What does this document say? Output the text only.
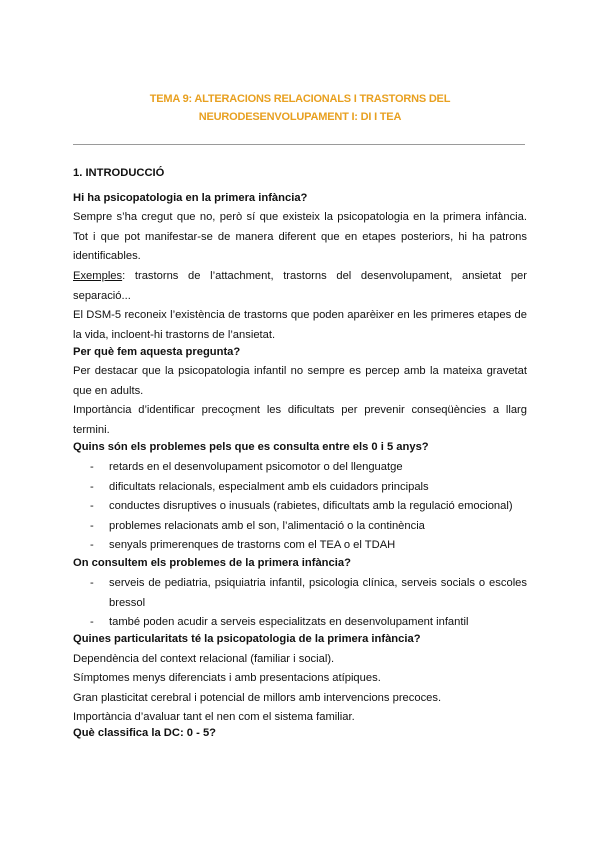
TEMA 9: ALTERACIONS RELACIONALS I TRASTORNS DEL
NEURODESENVOLUPAMENT I: DI I TEA
1. INTRODUCCIÓ
Hi ha psicopatologia en la primera infància?
Sempre s’ha cregut que no, però sí que existeix la psicopatologia en la primera infància. Tot i que pot manifestar-se de manera diferent que en etapes posteriors, hi ha patrons identificables.
Exemples: trastorns de l’attachment, trastorns del desenvolupament, ansietat per separació...
El DSM-5 reconeix l’existència de trastorns que poden aparèixer en les primeres etapes de la vida, incloent-hi trastorns de l’ansietat.
Per què fem aquesta pregunta?
Per destacar que la psicopatologia infantil no sempre es percep amb la mateixa gravetat que en adults.
Importància d’identificar precoçment les dificultats per prevenir conseqüències a llarg termini.
Quins són els problemes pels que es consulta entre els 0 i 5 anys?
- retards en el desenvolupament psicomotor o del llenguatge
- dificultats relacionals, especialment amb els cuidadors principals
- conductes disruptives o inusuals (rabietes, dificultats amb la regulació emocional)
- problemes relacionats amb el son, l’alimentació o la continència
- senyals primerenques de trastorns com el TEA o el TDAH
On consultem els problemes de la primera infància?
- serveis de pediatria, psiquiatria infantil, psicologia clínica, serveis socials o escoles bressol
- també poden acudir a serveis especialitzats en desenvolupament infantil
Quines particularitats té la psicopatologia de la primera infància?
Dependència del context relacional (familiar i social).
Símptomes menys diferenciats i amb presentacions atípiques.
Gran plasticitat cerebral i potencial de millors amb intervencions precoces.
Importància d’avaluar tant el nen com el sistema familiar.
Què classifica la DC: 0 - 5?
